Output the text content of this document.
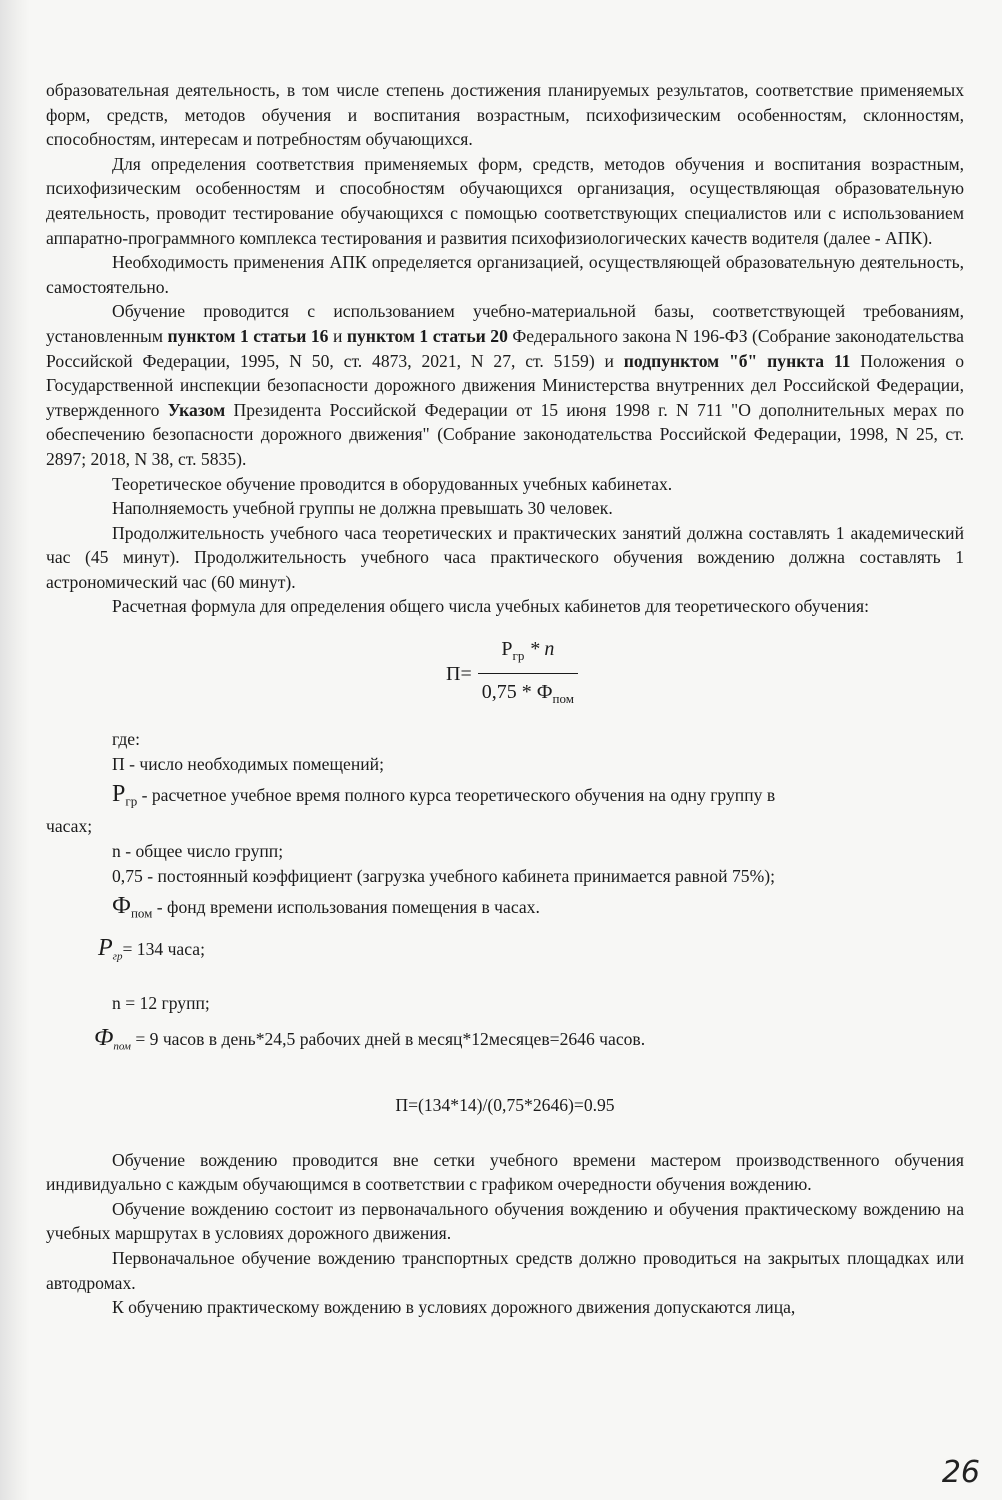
образовательная деятельность, в том числе степень достижения планируемых результатов, соответствие применяемых форм, средств, методов обучения и воспитания возрастным, психофизическим особенностям, склонностям, способностям, интересам и потребностям обучающихся.

Для определения соответствия применяемых форм, средств, методов обучения и воспитания возрастным, психофизическим особенностям и способностям обучающихся организация, осуществляющая образовательную деятельность, проводит тестирование обучающихся с помощью соответствующих специалистов или с использованием аппаратно-программного комплекса тестирования и развития психофизиологических качеств водителя (далее - АПК).

Необходимость применения АПК определяется организацией, осуществляющей образовательную деятельность, самостоятельно.

Обучение проводится с использованием учебно-материальной базы, соответствующей требованиям, установленным пунктом 1 статьи 16 и пунктом 1 статьи 20 Федерального закона N 196-ФЗ (Собрание законодательства Российской Федерации, 1995, N 50, ст. 4873, 2021, N 27, ст. 5159) и подпунктом "б" пункта 11 Положения о Государственной инспекции безопасности дорожного движения Министерства внутренних дел Российской Федерации, утвержденного Указом Президента Российской Федерации от 15 июня 1998 г. N 711 "О дополнительных мерах по обеспечению безопасности дорожного движения" (Собрание законодательства Российской Федерации, 1998, N 25, ст. 2897; 2018, N 38, ст. 5835).

Теоретическое обучение проводится в оборудованных учебных кабинетах.

Наполняемость учебной группы не должна превышать 30 человек.

Продолжительность учебного часа теоретических и практических занятий должна составлять 1 академический час (45 минут). Продолжительность учебного часа практического обучения вождению должна составлять 1 астрономический час (60 минут).

Расчетная формула для определения общего числа учебных кабинетов для теоретического обучения:

$П= \frac{Р_{гр} * n}{0,75 * Ф_{пом}}$
где:
П - число необходимых помещений;
$Р_{гр}$ - расчетное учебное время полного курса теоретического обучения на одну группу в
часах;
n - общее число групп;
0,75 - постоянный коэффициент (загрузка учебного кабинета принимается равной 75%);
$Ф_{пом}$ - фонд времени использования помещения в часах.
$Р_{гр}= 134$ часа;
n = 12 групп;
$Ф_{пом} = 9$ часов в день*24,5 рабочих дней в месяц*12месяцев=2646 часов.
П=(134*14)/(0,75*2646)=0.95

Обучение вождению проводится вне сетки учебного времени мастером производственного обучения индивидуально с каждым обучающимся в соответствии с графиком очередности обучения вождению.

Обучение вождению состоит из первоначального обучения вождению и обучения практическому вождению на учебных маршрутах в условиях дорожного движения.

Первоначальное обучение вождению транспортных средств должно проводиться на закрытых площадках или автодромах.

К обучению практическому вождению в условиях дорожного движения допускаются лица,

26
